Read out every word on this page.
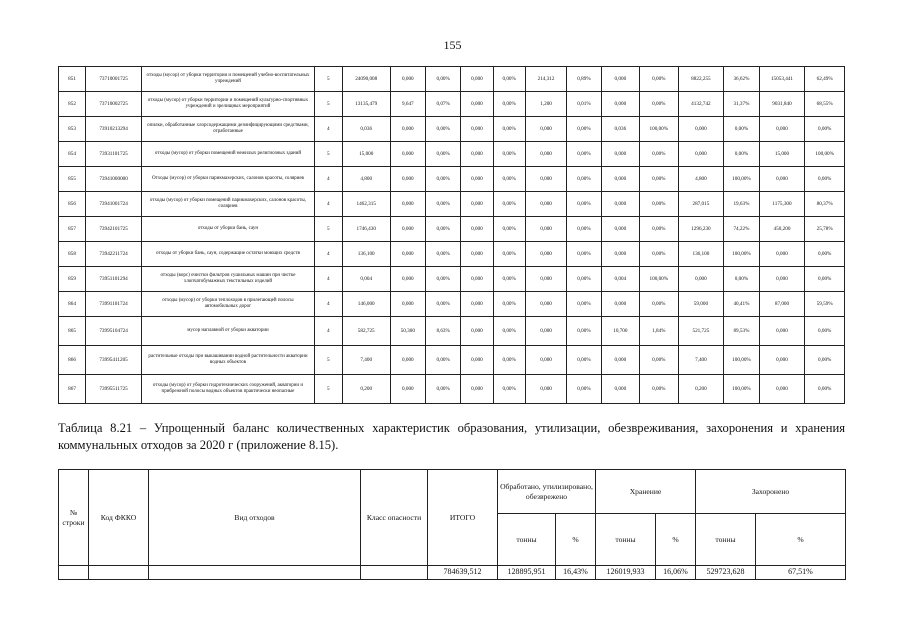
155
851	73710001725	отходы (мусор) от уборки территории и помещений учебно-воспитательных учреждений	5	24090,008	0,000	0,00%	0,000	0,00%	214,312	0,89%	0,000	0,00%	8822,255	36,62%	15053,441	62,49%
852	73710002725	отходы (мусор) от уборки территории и помещений культурно-спортивных учреждений и зрелищных мероприятий	5	13135,479	9,647	0,07%	0,000	0,00%	1,200	0,01%	0,000	0,00%	4132,742	31,37%	9031,840	68,55%
853	73910213294	опилки, обработанные хлорсодержащими дезинфицирующими средствами, отработанные	4	0,036	0,000	0,00%	0,000	0,00%	0,000	0,00%	0,036	100,00%	0,000	0,00%	0,000	0,00%
854	73931101725	отходы (мусор) от уборки помещений нежилых религиозных зданий	5	15,000	0,000	0,00%	0,000	0,00%	0,000	0,00%	0,000	0,00%	0,000	0,00%	15,000	100,00%
855	73941000000	Отходы (мусор) от уборки парикмахерских, салонов красоты, соляриев	4	4,800	0,000	0,00%	0,000	0,00%	0,000	0,00%	0,000	0,00%	4,800	100,00%	0,000	0,00%
856	73941001724	отходы (мусор) от уборки помещений парикмахерских, салонов красоты, соляриев	4	1462,315	0,000	0,00%	0,000	0,00%	0,000	0,00%	0,000	0,00%	287,015	19,63%	1175,300	80,37%
857	73942101725	отходы от уборки бань, саун	5	1746,430	0,000	0,00%	0,000	0,00%	0,000	0,00%	0,000	0,00%	1296,230	74,22%	450,200	25,78%
858	73942211724	отходы от уборки бань, саун, содержащие остатки моющих средств	4	136,100	0,000	0,00%	0,000	0,00%	0,000	0,00%	0,000	0,00%	136,100	100,00%	0,000	0,00%
859	73951101294	отходы (ворс) очистки фильтров сушильных машин при чистке хлопчатобумажных текстильных изделий	4	0,004	0,000	0,00%	0,000	0,00%	0,000	0,00%	0,004	100,00%	0,000	0,00%	0,000	0,00%
864	73991101724	отходы (мусор) от уборки теплоходов в прилегающей полосы автомобильных дорог	4	146,000	0,000	0,00%	0,000	0,00%	0,000	0,00%	0,000	0,00%	59,000	40,41%	87,000	59,59%
865	73995104724	мусор наплавной от уборки акватории	4	582,725	50,300	8,63%	0,000	0,00%	0,000	0,00%	10,700	1,84%	521,725	89,53%	0,000	0,00%
866	73995411205	растительные отходы при выкашивании водной растительности акватории водных объектов	5	7,400	0,000	0,00%	0,000	0,00%	0,000	0,00%	0,000	0,00%	7,400	100,00%	0,000	0,00%
867	73995511725	отходы (мусор) от уборки гидротехнических сооружений, акватории и прибрежной полосы водных объектов практически неопасные	5	0,200	0,000	0,00%	0,000	0,00%	0,000	0,00%	0,000	0,00%	0,200	100,00%	0,000	0,00%
Таблица 8.21 – Упрощенный баланс количественных характеристик образования, утилизации, обезвреживания, захоронения и хранения коммунальных отходов за 2020 г (приложение 8.15).
№ строки	Код ФККО	Вид отходов	Класс опасности	ИТОГО	Обработано, утилизировано, обезврежено		Хранение		Захоронено	
					тонны	%	тонны	%	тонны	%
				784639,512	128895,951	16,43%	126019,933	16,06%	529723,628	67,51%
